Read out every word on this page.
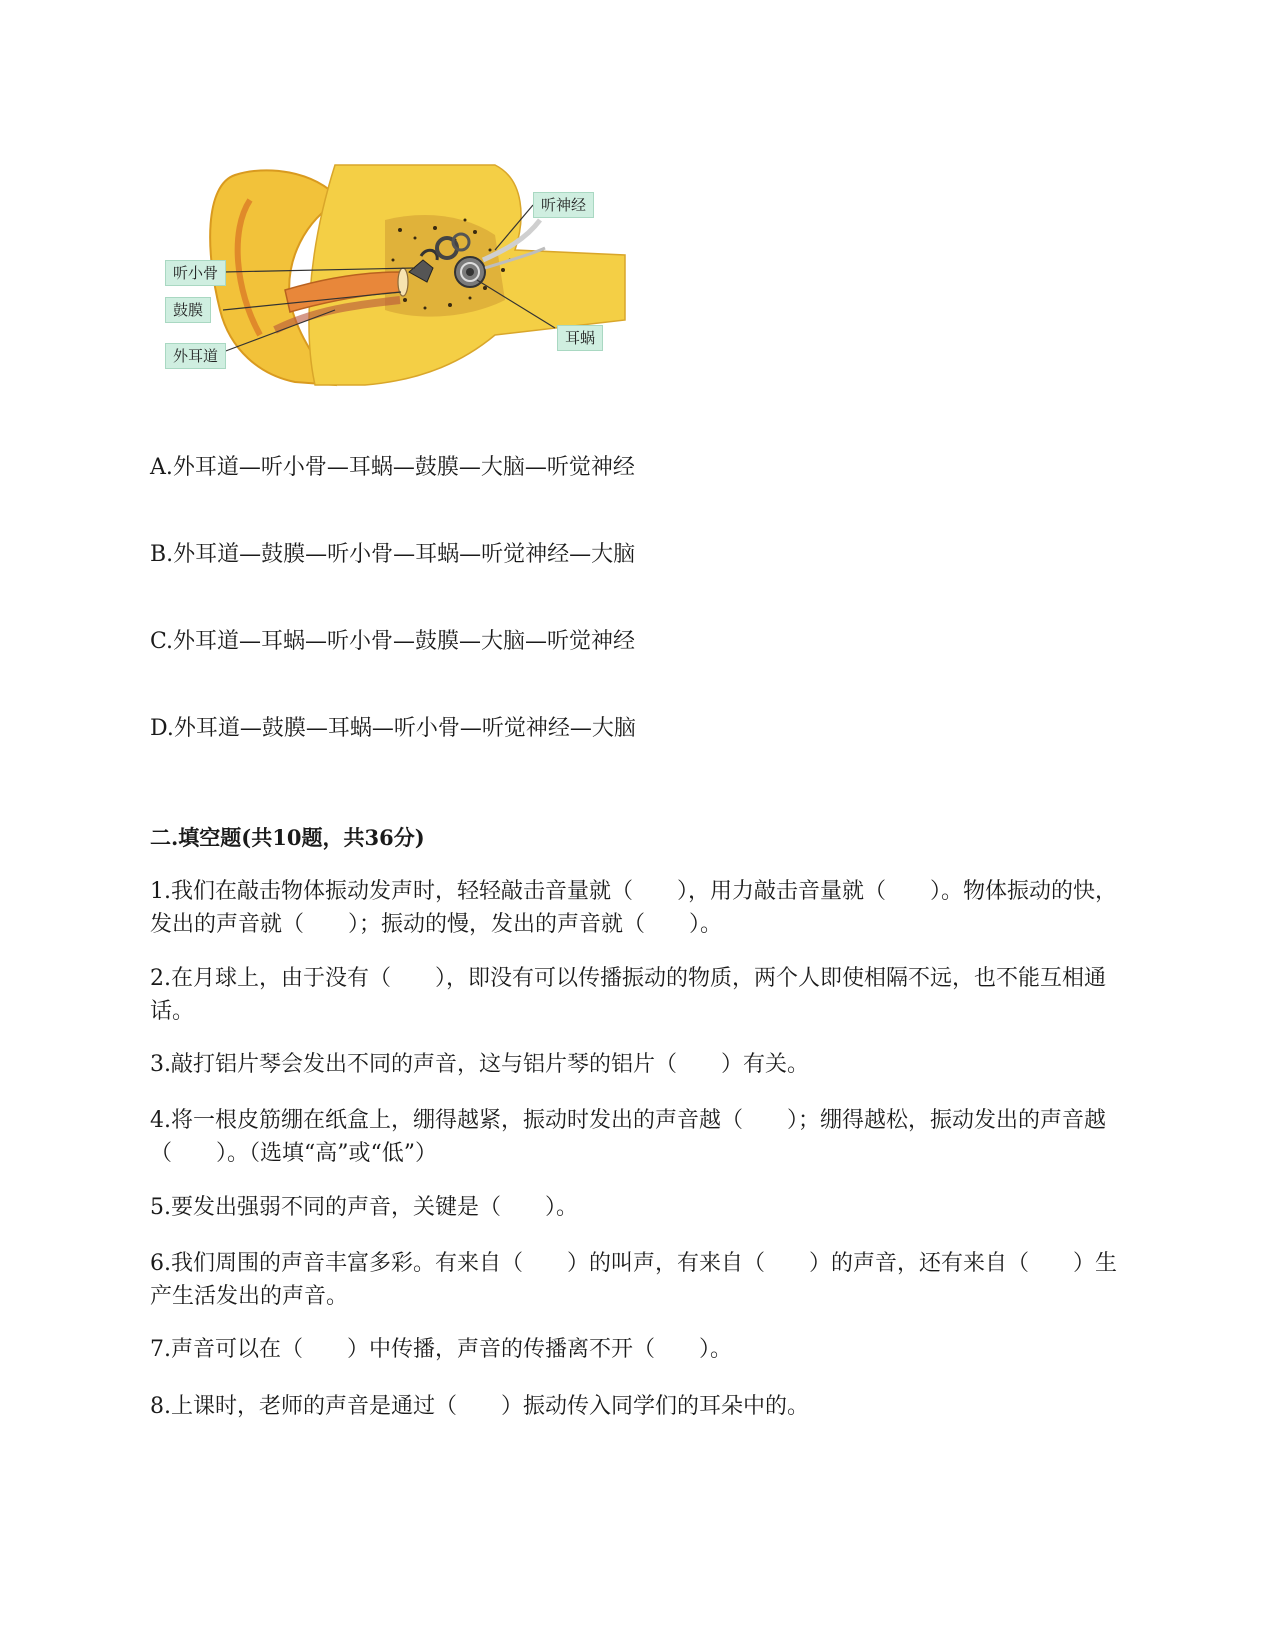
听神经
听小骨
鼓膜
外耳道
耳蜗
A.外耳道—听小骨—耳蜗—鼓膜—大脑—听觉神经
B.外耳道—鼓膜—听小骨—耳蜗—听觉神经—大脑
C.外耳道—耳蜗—听小骨—鼓膜—大脑—听觉神经
D.外耳道—鼓膜—耳蜗—听小骨—听觉神经—大脑
二.填空题(共10题，共36分)
1.我们在敲击物体振动发声时，轻轻敲击音量就（　　），用力敲击音量就（　　）。物体振动的快，发出的声音就（　　）；振动的慢，发出的声音就（　　）。
2.在月球上，由于没有（　　），即没有可以传播振动的物质，两个人即使相隔不远，也不能互相通话。
3.敲打铝片琴会发出不同的声音，这与铝片琴的铝片（　　）有关。
4.将一根皮筋绷在纸盒上，绷得越紧，振动时发出的声音越（　　）；绷得越松，振动发出的声音越（　　）。（选填“高”或“低”）
5.要发出强弱不同的声音，关键是（　　）。
6.我们周围的声音丰富多彩。有来自（　　）的叫声，有来自（　　）的声音，还有来自（　　）生产生活发出的声音。
7.声音可以在（　　）中传播，声音的传播离不开（　　）。
8.上课时，老师的声音是通过（　　）振动传入同学们的耳朵中的。
